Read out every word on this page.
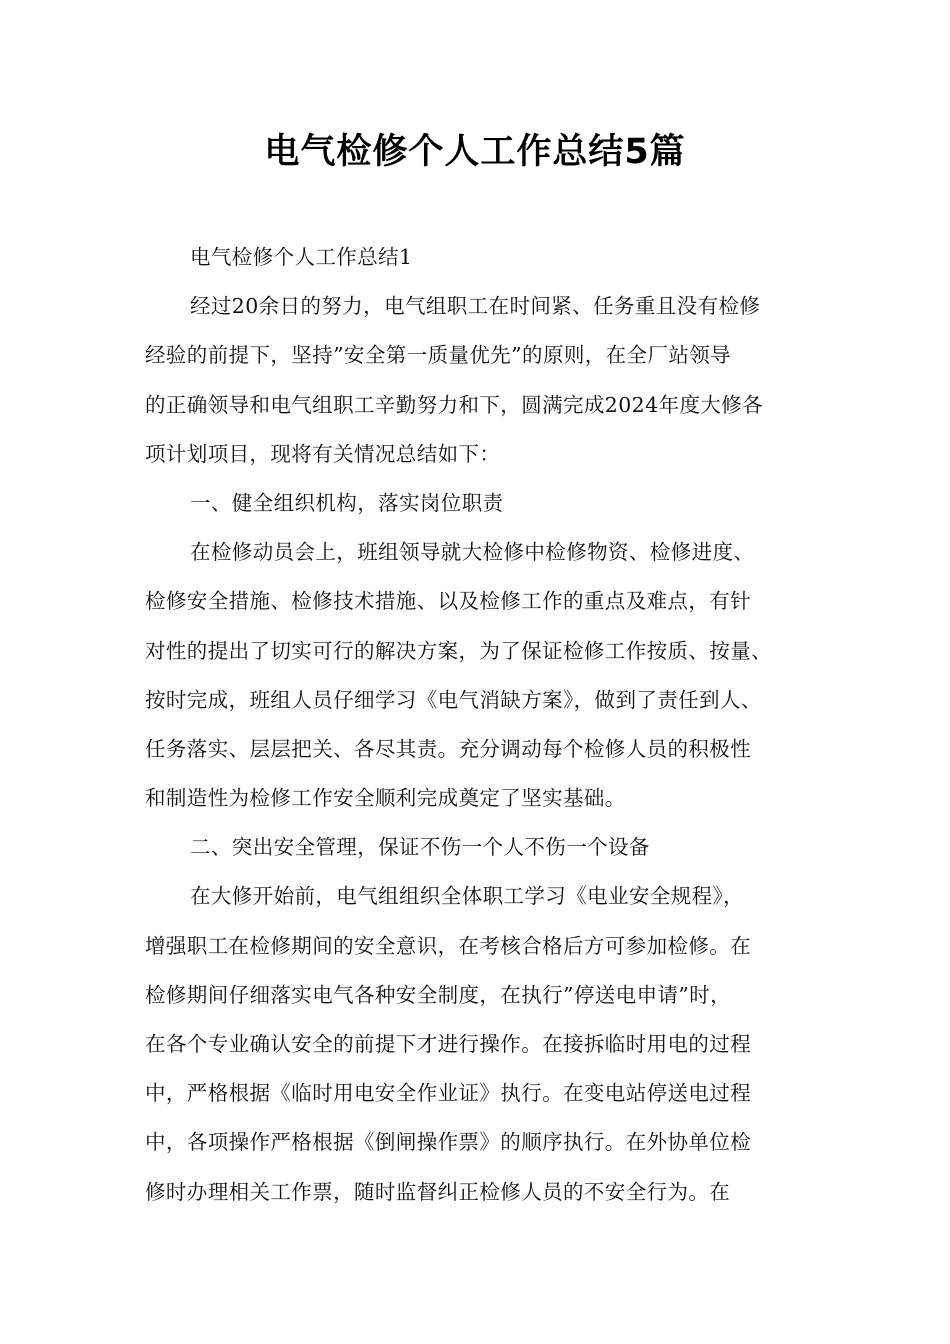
电气检修个人工作总结5篇
电气检修个人工作总结1
经过20余日的努力，电气组职工在时间紧、任务重且没有检修
经验的前提下，坚持”安全第一质量优先”的原则，在全厂站领导
的正确领导和电气组职工辛勤努力和下，圆满完成2024年度大修各
项计划项目，现将有关情况总结如下：
一、健全组织机构，落实岗位职责
在检修动员会上，班组领导就大检修中检修物资、检修进度、
检修安全措施、检修技术措施、以及检修工作的重点及难点，有针
对性的提出了切实可行的解决方案，为了保证检修工作按质、按量、
按时完成，班组人员仔细学习《电气消缺方案》，做到了责任到人、
任务落实、层层把关、各尽其责。充分调动每个检修人员的积极性
和制造性为检修工作安全顺利完成奠定了坚实基础。
二、突出安全管理，保证不伤一个人不伤一个设备
在大修开始前，电气组组织全体职工学习《电业安全规程》，
增强职工在检修期间的安全意识，在考核合格后方可参加检修。在
检修期间仔细落实电气各种安全制度，在执行”停送电申请”时，
在各个专业确认安全的前提下才进行操作。在接拆临时用电的过程
中，严格根据《临时用电安全作业证》执行。在变电站停送电过程
中，各项操作严格根据《倒闸操作票》的顺序执行。在外协单位检
修时办理相关工作票，随时监督纠正检修人员的不安全行为。在
